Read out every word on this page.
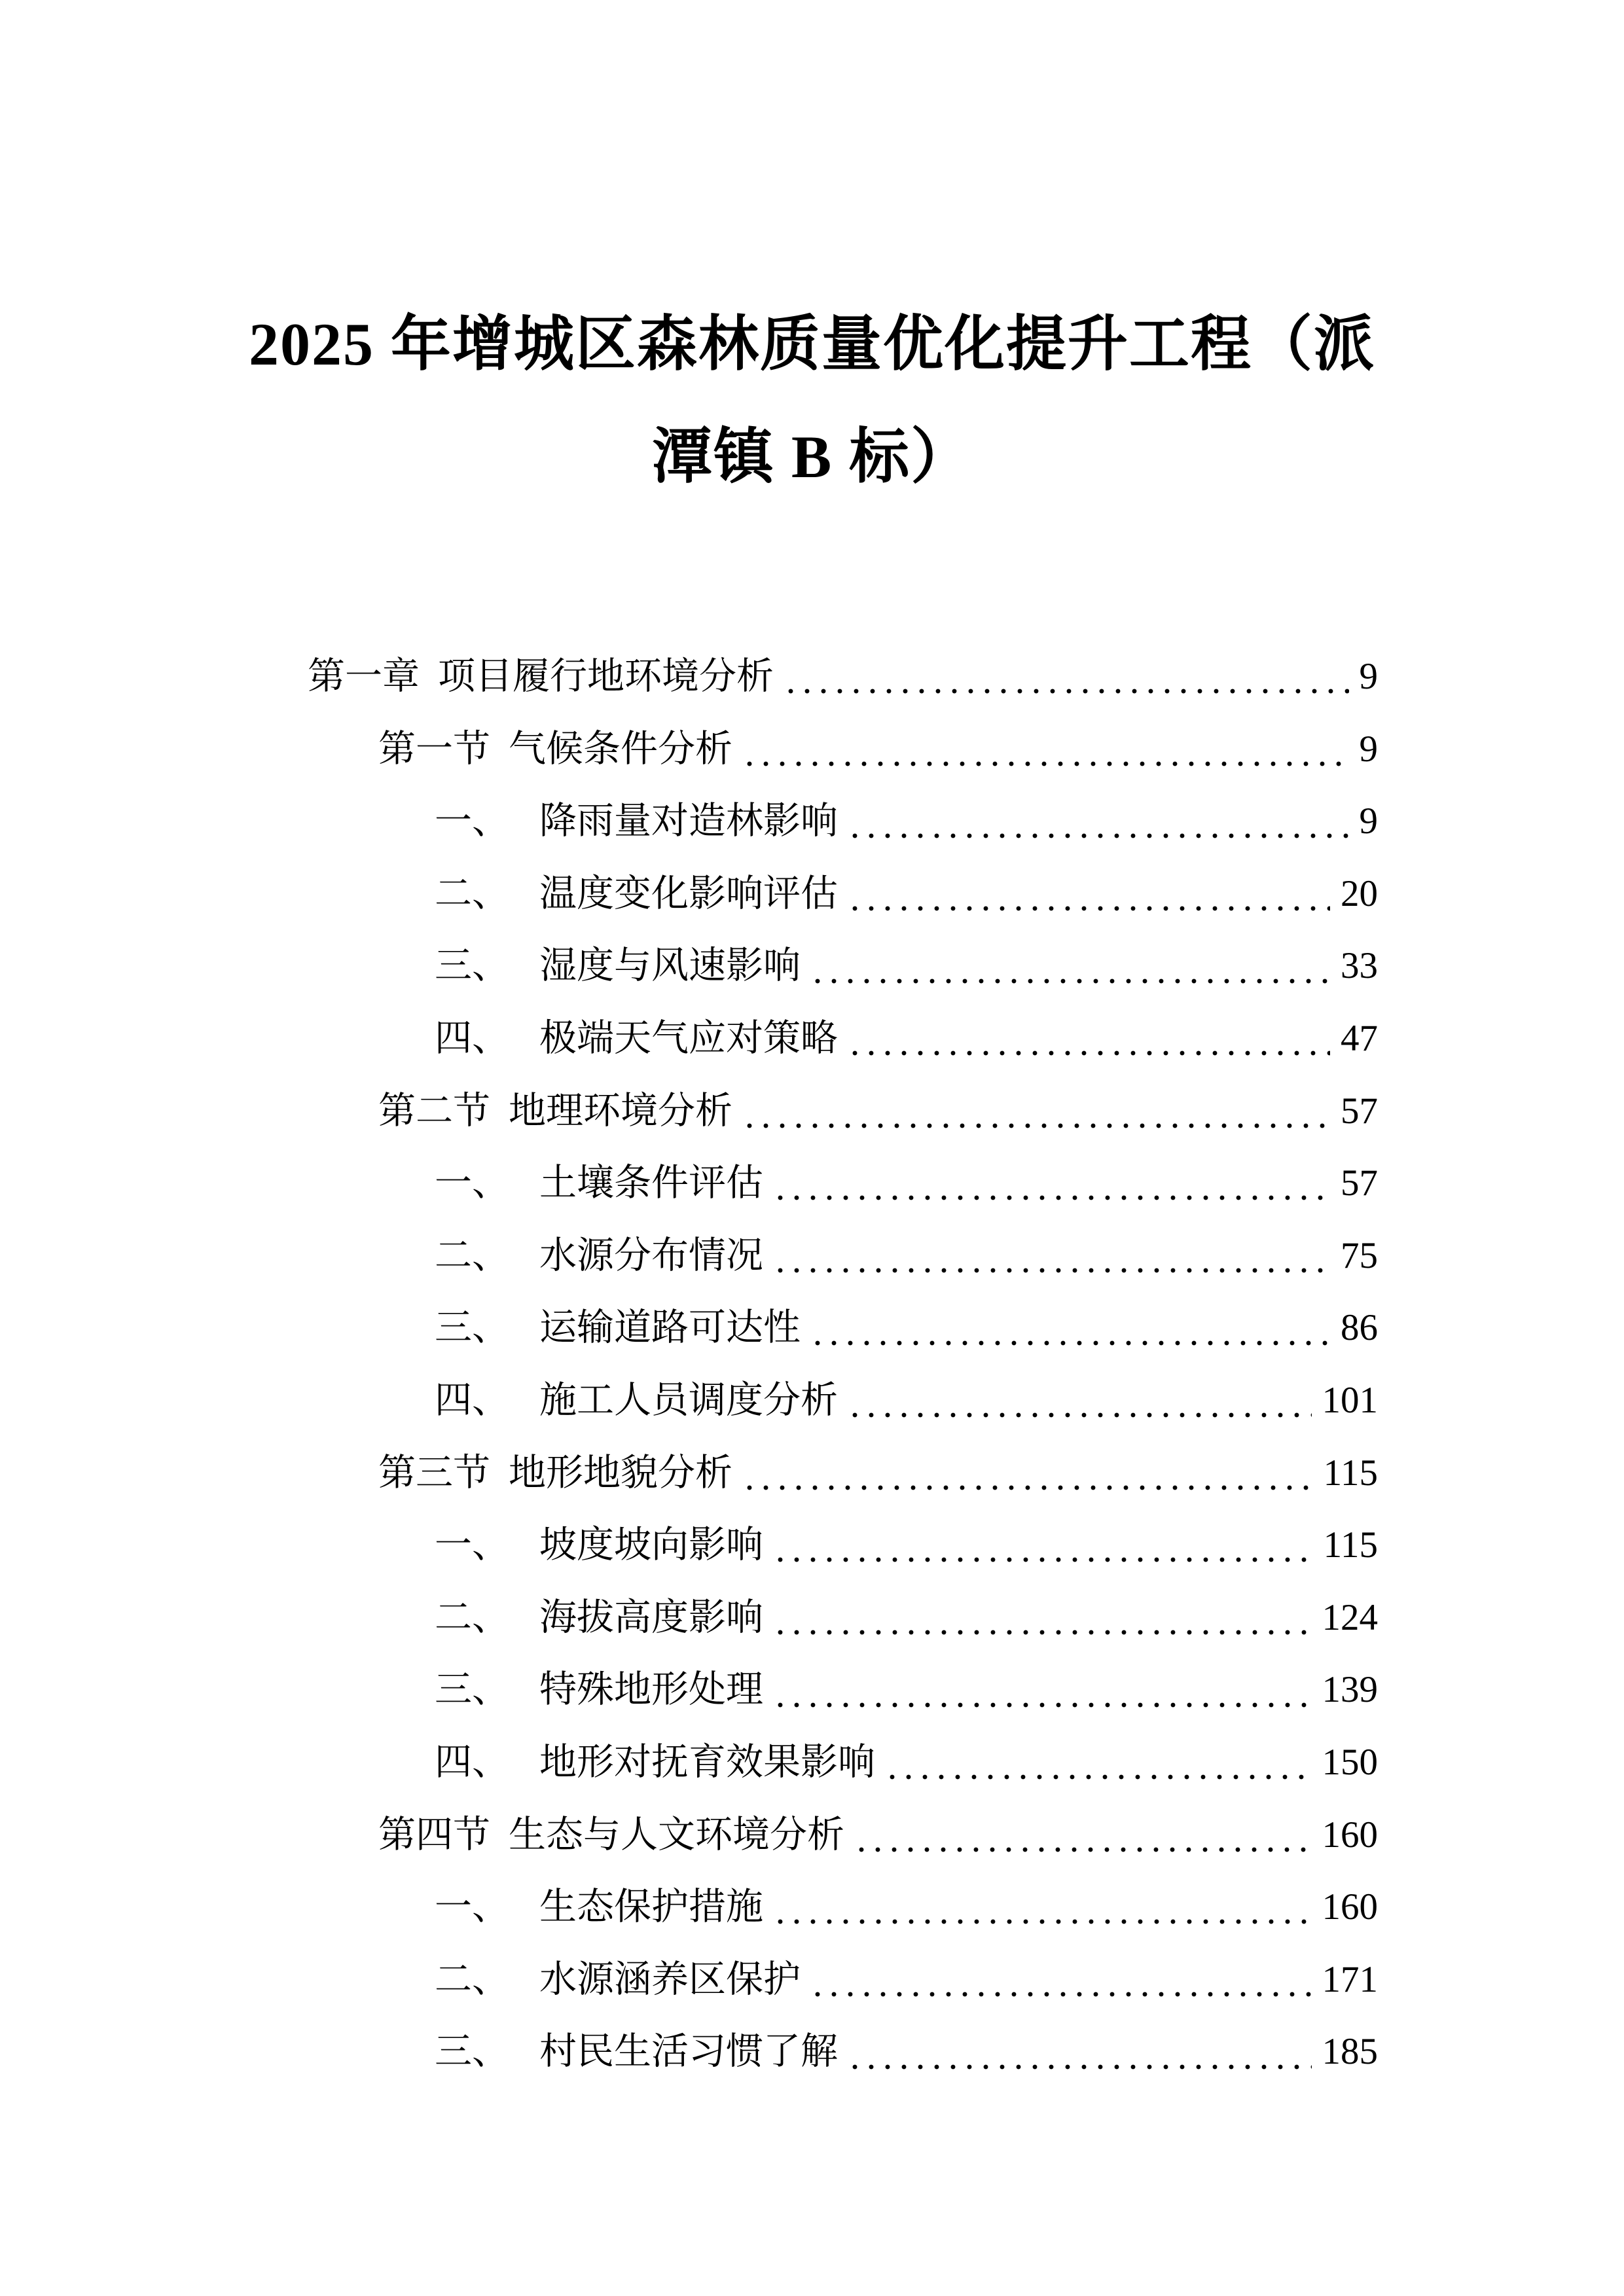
2025 年增城区森林质量优化提升工程（派
潭镇 B 标）
第一章 项目履行地环境分析	9
第一节 气候条件分析	9
一、 降雨量对造林影响	9
二、 温度变化影响评估	20
三、 湿度与风速影响	33
四、 极端天气应对策略	47
第二节 地理环境分析	57
一、 土壤条件评估	57
二、 水源分布情况	75
三、 运输道路可达性	86
四、 施工人员调度分析	101
第三节 地形地貌分析	115
一、 坡度坡向影响	115
二、 海拔高度影响	124
三、 特殊地形处理	139
四、 地形对抚育效果影响	150
第四节 生态与人文环境分析	160
一、 生态保护措施	160
二、 水源涵养区保护	171
三、 村民生活习惯了解	185
